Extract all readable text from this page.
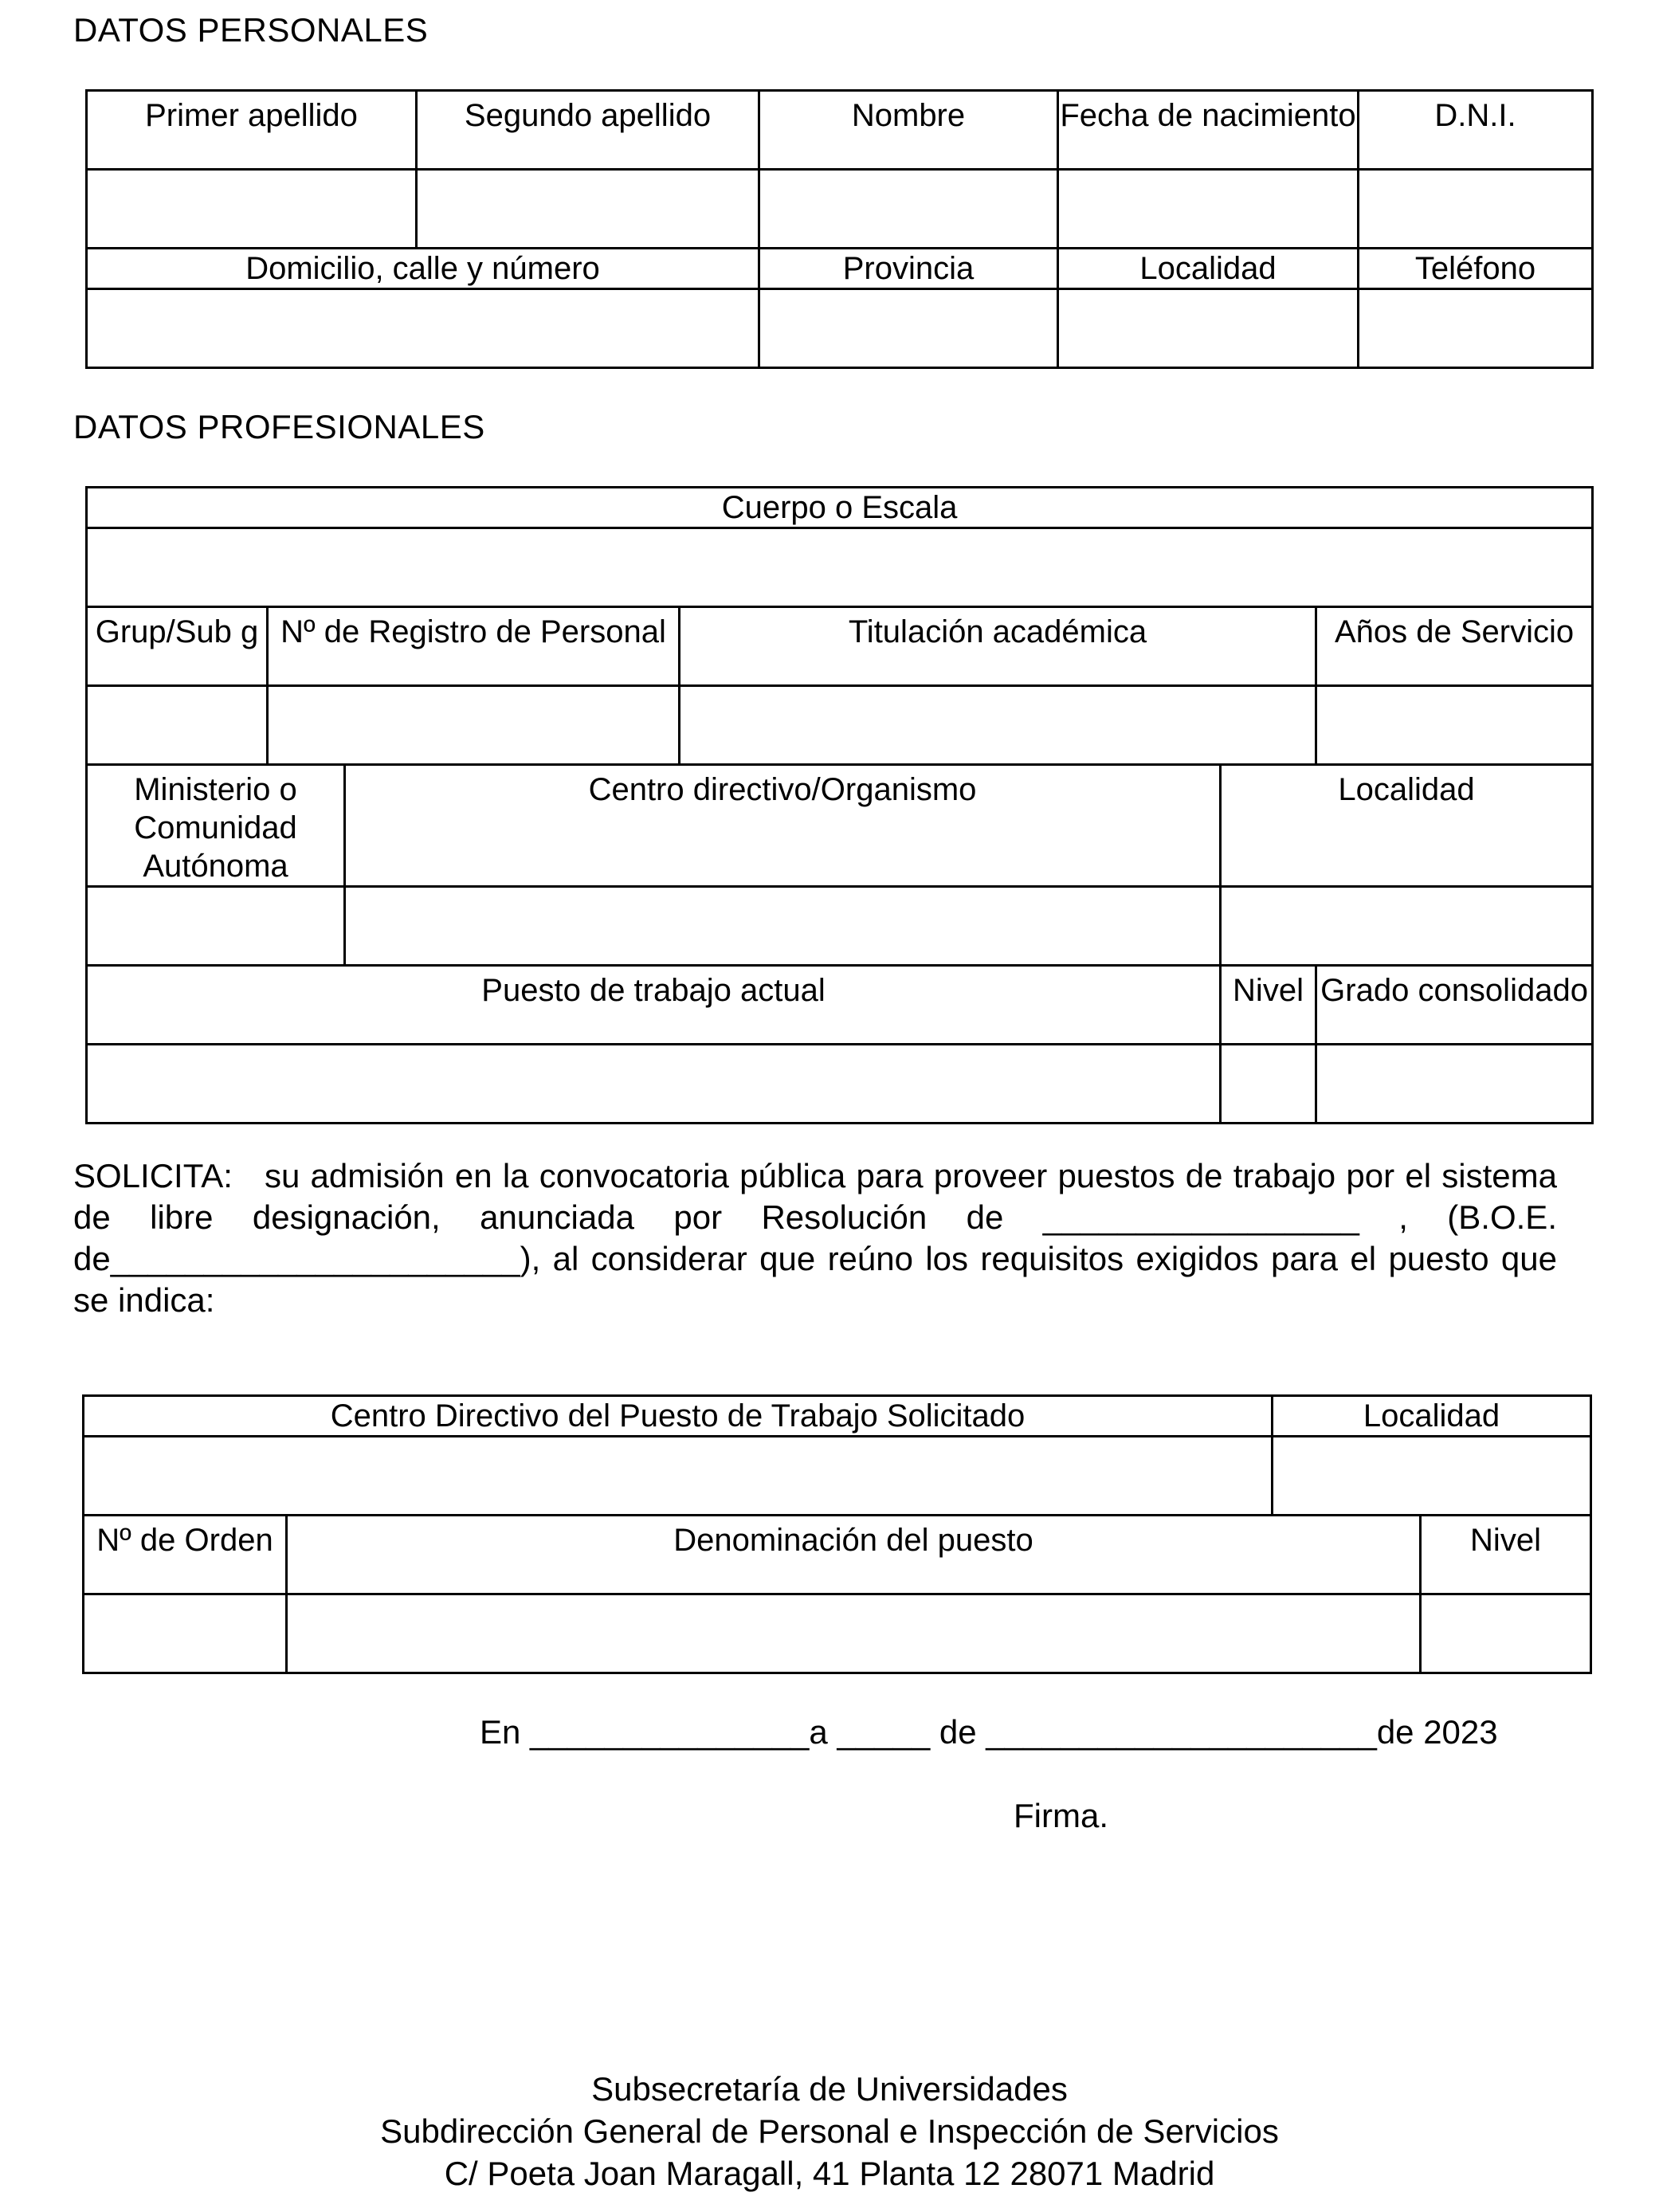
DATOS PERSONALES
Primer apellido	Segundo apellido	Nombre	Fecha de nacimiento	D.N.I.

Domicilio, calle y número		Provincia	Localidad	Teléfono

DATOS PROFESIONALES
Cuerpo o Escala					

Grup/Sub g	Nº de Registro de Personal		Titulación académica		Años de Servicio

Ministerio o Comunidad Autónoma		Centro directivo/Organismo		Localidad	

Puesto de trabajo actual				Nivel	Grado consolidado

SOLICITA: su admisión en la convocatoria pública para proveer puestos de trabajo por el sistema de libre designación, anunciada por Resolución de _________________ , (B.O.E. de______________________), al considerar que reúno los requisitos exigidos para el puesto que se indica:
Centro Directivo del Puesto de Trabajo Solicitado		Localidad	

Nº de Orden	Denominación del puesto		Nivel

En _______________a _____ de _____________________de 2023
Firma.
Subsecretaría de Universidades
Subdirección General de Personal e Inspección de Servicios
C/ Poeta Joan Maragall, 41 Planta 12 28071 Madrid
